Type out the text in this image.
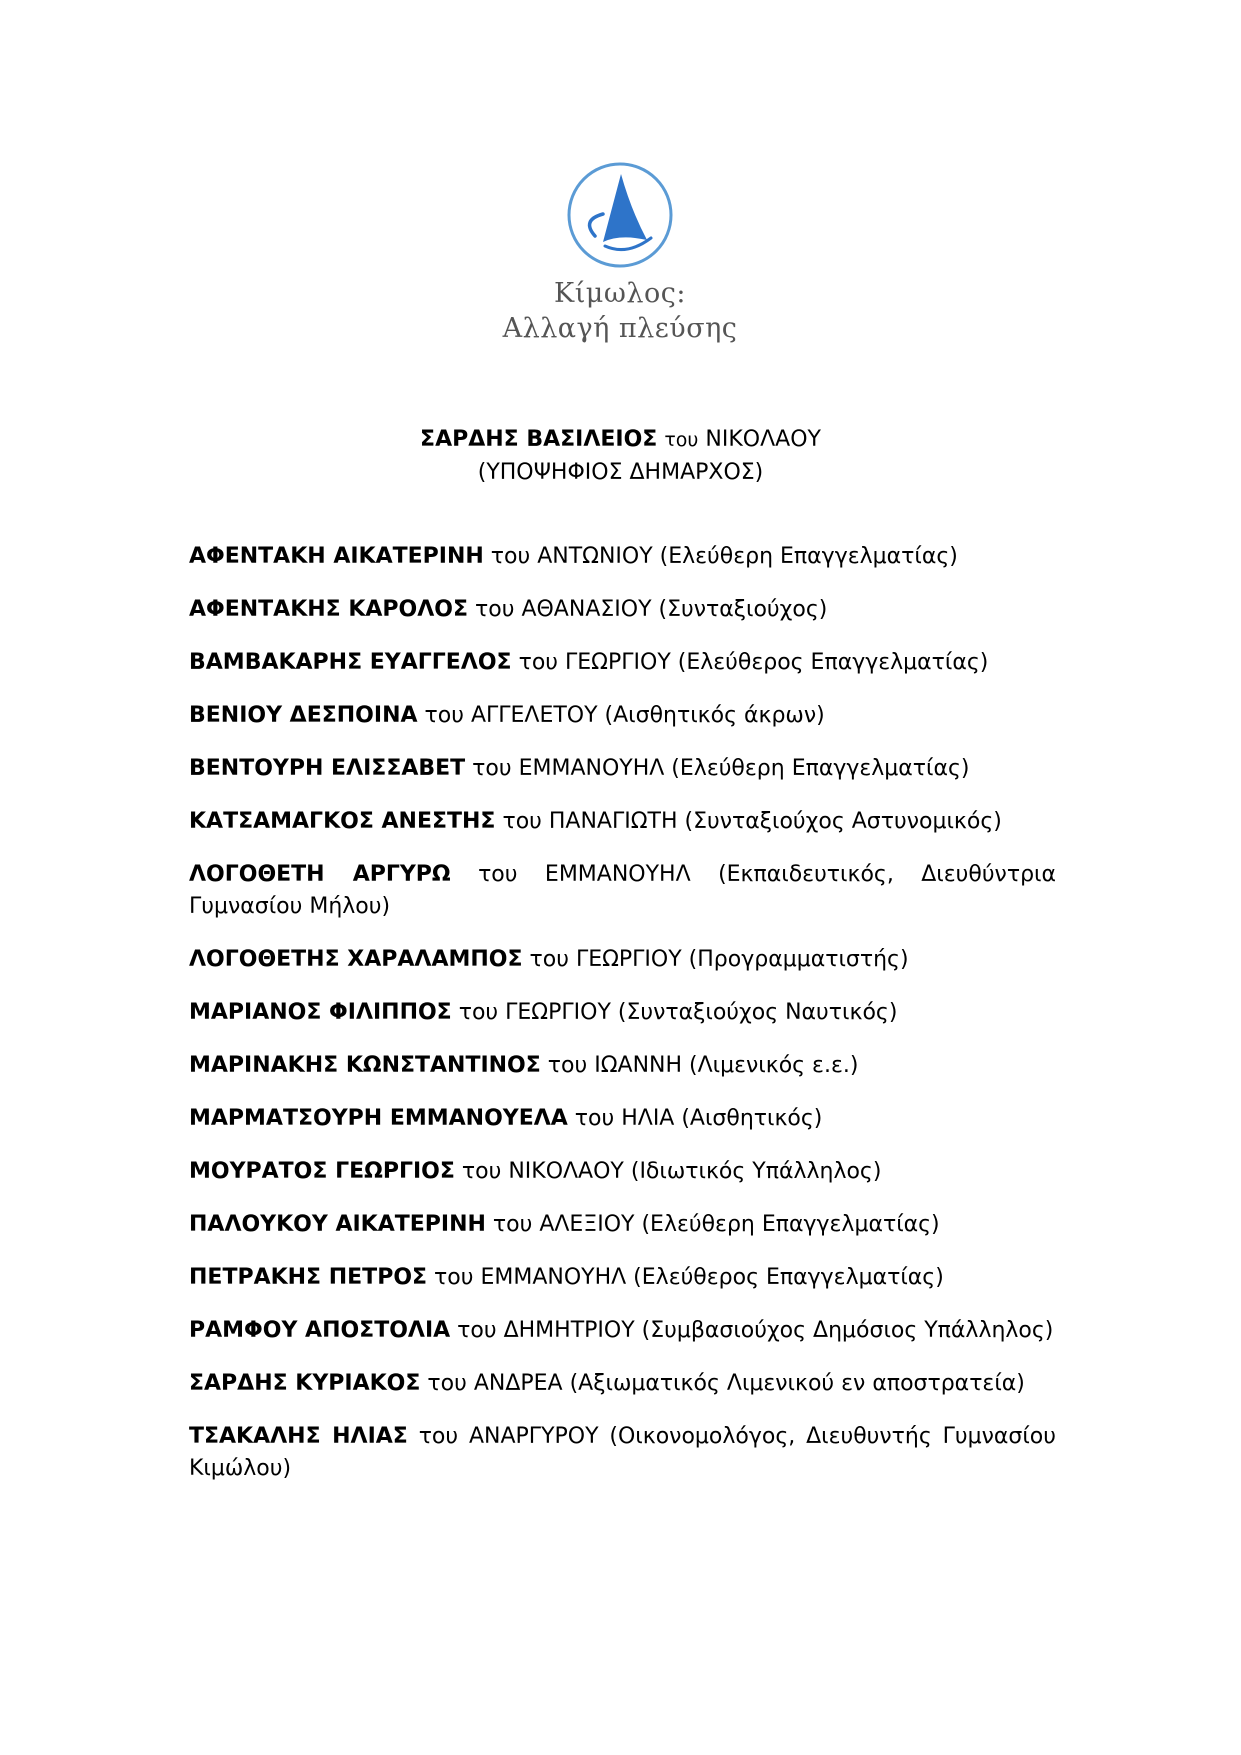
Κίμωλος:
Αλλαγή πλεύσης
ΣΑΡΔΗΣ ΒΑΣΙΛΕΙΟΣ του ΝΙΚΟΛΑΟΥ
(ΥΠΟΨΗΦΙΟΣ ΔΗΜΑΡΧΟΣ)
ΑΦΕΝΤΑΚΗ ΑΙΚΑΤΕΡΙΝΗ του ΑΝΤΩΝΙΟΥ (Ελεύθερη Επαγγελματίας)
ΑΦΕΝΤΑΚΗΣ ΚΑΡΟΛΟΣ του ΑΘΑΝΑΣΙΟΥ (Συνταξιούχος)
ΒΑΜΒΑΚΑΡΗΣ ΕΥΑΓΓΕΛΟΣ του ΓΕΩΡΓΙΟΥ (Ελεύθερος Επαγγελματίας)
ΒΕΝΙΟΥ ΔΕΣΠΟΙΝΑ του ΑΓΓΕΛΕΤΟΥ (Αισθητικός άκρων)
ΒΕΝΤΟΥΡΗ ΕΛΙΣΣΑΒΕΤ του ΕΜΜΑΝΟΥΗΛ (Ελεύθερη Επαγγελματίας)
ΚΑΤΣΑΜΑΓΚΟΣ ΑΝΕΣΤΗΣ του ΠΑΝΑΓΙΩΤΗ (Συνταξιούχος Αστυνομικός)
ΛΟΓΟΘΕΤΗ ΑΡΓΥΡΩ του ΕΜΜΑΝΟΥΗΛ (Εκπαιδευτικός, Διευθύντρια Γυμνασίου Μήλου)
ΛΟΓΟΘΕΤΗΣ ΧΑΡΑΛΑΜΠΟΣ του ΓΕΩΡΓΙΟΥ (Προγραμματιστής)
ΜΑΡΙΑΝΟΣ ΦΙΛΙΠΠΟΣ του ΓΕΩΡΓΙΟΥ (Συνταξιούχος Ναυτικός)
ΜΑΡΙΝΑΚΗΣ ΚΩΝΣΤΑΝΤΙΝΟΣ του ΙΩΑΝΝΗ (Λιμενικός ε.ε.)
ΜΑΡΜΑΤΣΟΥΡΗ ΕΜΜΑΝΟΥΕΛΑ του ΗΛΙΑ (Αισθητικός)
ΜΟΥΡΑΤΟΣ ΓΕΩΡΓΙΟΣ του ΝΙΚΟΛΑΟΥ (Ιδιωτικός Υπάλληλος)
ΠΑΛΟΥΚΟΥ ΑΙΚΑΤΕΡΙΝΗ του ΑΛΕΞΙΟΥ (Ελεύθερη Επαγγελματίας)
ΠΕΤΡΑΚΗΣ ΠΕΤΡΟΣ του ΕΜΜΑΝΟΥΗΛ (Ελεύθερος Επαγγελματίας)
ΡΑΜΦΟΥ ΑΠΟΣΤΟΛΙΑ του ΔΗΜΗΤΡΙΟΥ (Συμβασιούχος Δημόσιος Υπάλληλος)
ΣΑΡΔΗΣ ΚΥΡΙΑΚΟΣ του ΑΝΔΡΕΑ (Αξιωματικός Λιμενικού εν αποστρατεία)
ΤΣΑΚΑΛΗΣ ΗΛΙΑΣ του ΑΝΑΡΓΥΡΟΥ (Οικονομολόγος, Διευθυντής Γυμνασίου Κιμώλου)
